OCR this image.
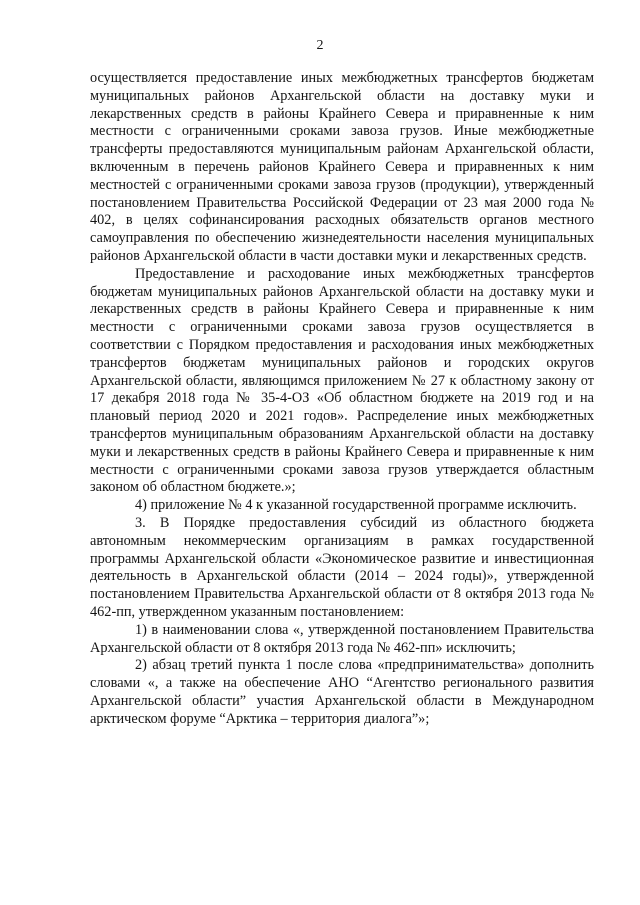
2

осуществляется предоставление иных межбюджетных трансфертов бюджетам муниципальных районов Архангельской области на доставку муки и лекарственных средств в районы Крайнего Севера и приравненные к ним местности с ограниченными сроками завоза грузов. Иные межбюджетные трансферты предоставляются муниципальным районам Архангельской области, включенным в перечень районов Крайнего Севера и приравненных к ним местностей с ограниченными сроками завоза грузов (продукции), утвержденный постановлением Правительства Российской Федерации от 23 мая 2000 года № 402, в целях софинансирования расходных обязательств органов местного самоуправления по обеспечению жизнедеятельности населения муниципальных районов Архангельской области в части доставки муки и лекарственных средств.

Предоставление и расходование иных межбюджетных трансфертов бюджетам муниципальных районов Архангельской области на доставку муки и лекарственных средств в районы Крайнего Севера и приравненные к ним местности с ограниченными сроками завоза грузов осуществляется в соответствии с Порядком предоставления и расходования иных межбюджетных трансфертов бюджетам муниципальных районов и городских округов Архангельской области, являющимся приложением № 27 к областному закону от 17 декабря 2018 года № 35-4-ОЗ «Об областном бюджете на 2019 год и на плановый период 2020 и 2021 годов». Распределение иных межбюджетных трансфертов муниципальным образованиям Архангельской области на доставку муки и лекарственных средств в районы Крайнего Севера и приравненные к ним местности с ограниченными сроками завоза грузов утверждается областным законом об областном бюджете.»;

4) приложение № 4 к указанной государственной программе исключить.

3. В Порядке предоставления субсидий из областного бюджета автономным некоммерческим организациям в рамках государственной программы Архангельской области «Экономическое развитие и инвестиционная деятельность в Архангельской области (2014 – 2024 годы)», утвержденной постановлением Правительства Архангельской области от 8 октября 2013 года № 462-пп, утвержденном указанным постановлением:

1) в наименовании слова «, утвержденной постановлением Правительства Архангельской области от 8 октября 2013 года № 462-пп» исключить;

2) абзац третий пункта 1 после слова «предпринимательства» дополнить словами «, а также на обеспечение АНО “Агентство регионального развития Архангельской области” участия Архангельской области в Международном арктическом форуме “Арктика – территория диалога”»;
